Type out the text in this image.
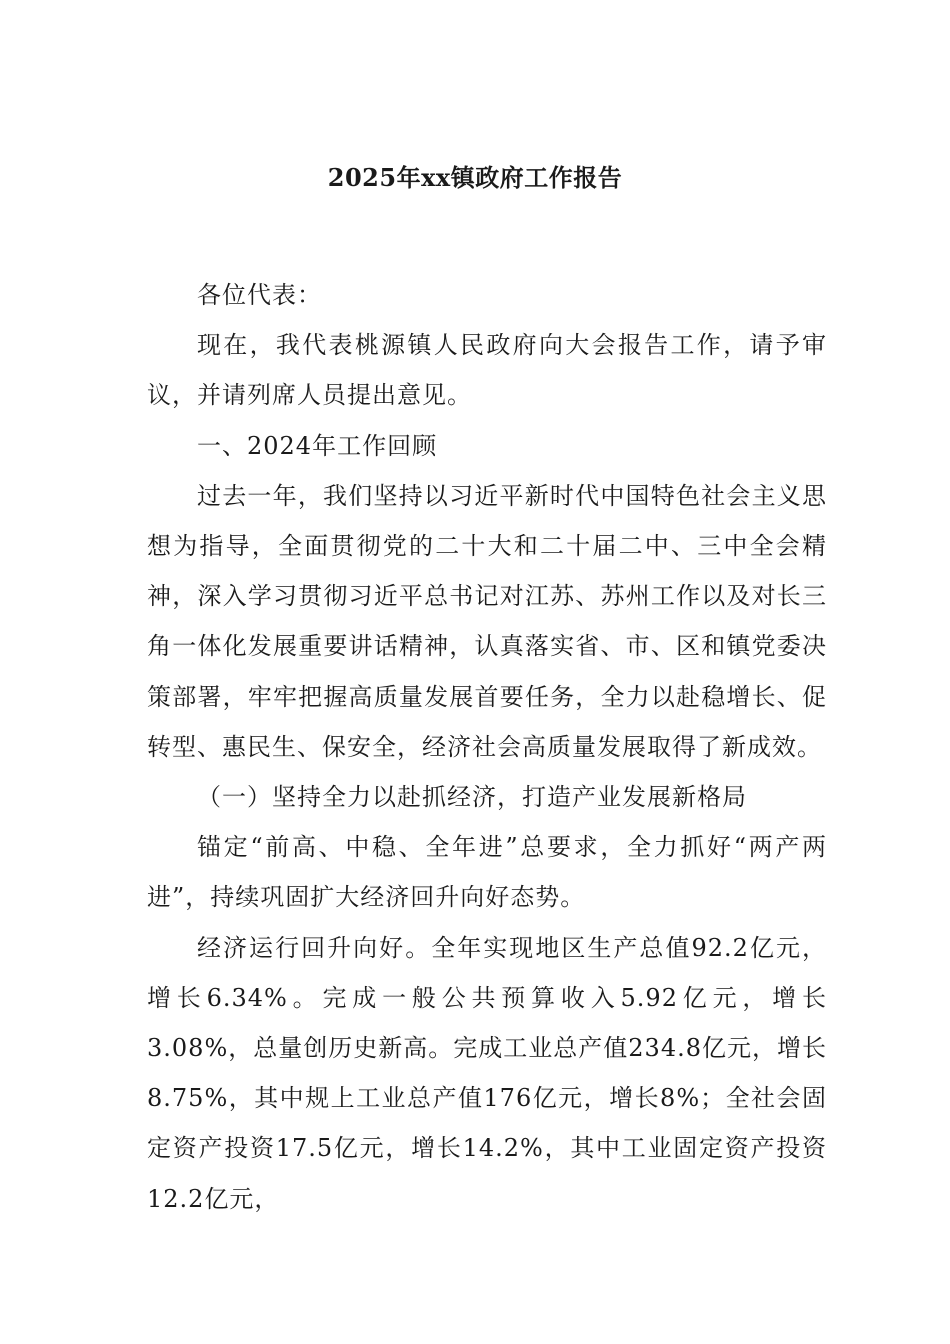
2025年xx镇政府工作报告

各位代表：

现在，我代表桃源镇人民政府向大会报告工作，请予审议，并请列席人员提出意见。

一、2024年工作回顾

过去一年，我们坚持以习近平新时代中国特色社会主义思想为指导，全面贯彻党的二十大和二十届二中、三中全会精神，深入学习贯彻习近平总书记对江苏、苏州工作以及对长三角一体化发展重要讲话精神，认真落实省、市、区和镇党委决策部署，牢牢把握高质量发展首要任务，全力以赴稳增长、促转型、惠民生、保安全，经济社会高质量发展取得了新成效。

（一）坚持全力以赴抓经济，打造产业发展新格局

锚定“前高、中稳、全年进”总要求，全力抓好“两产两进”，持续巩固扩大经济回升向好态势。

经济运行回升向好。全年实现地区生产总值92.2亿元，增长6.34%。完成一般公共预算收入5.92亿元，增长3.08%，总量创历史新高。完成工业总产值234.8亿元，增长8.75%，其中规上工业总产值176亿元，增长8%；全社会固定资产投资17.5亿元，增长14.2%，其中工业固定资产投资12.2亿元，
